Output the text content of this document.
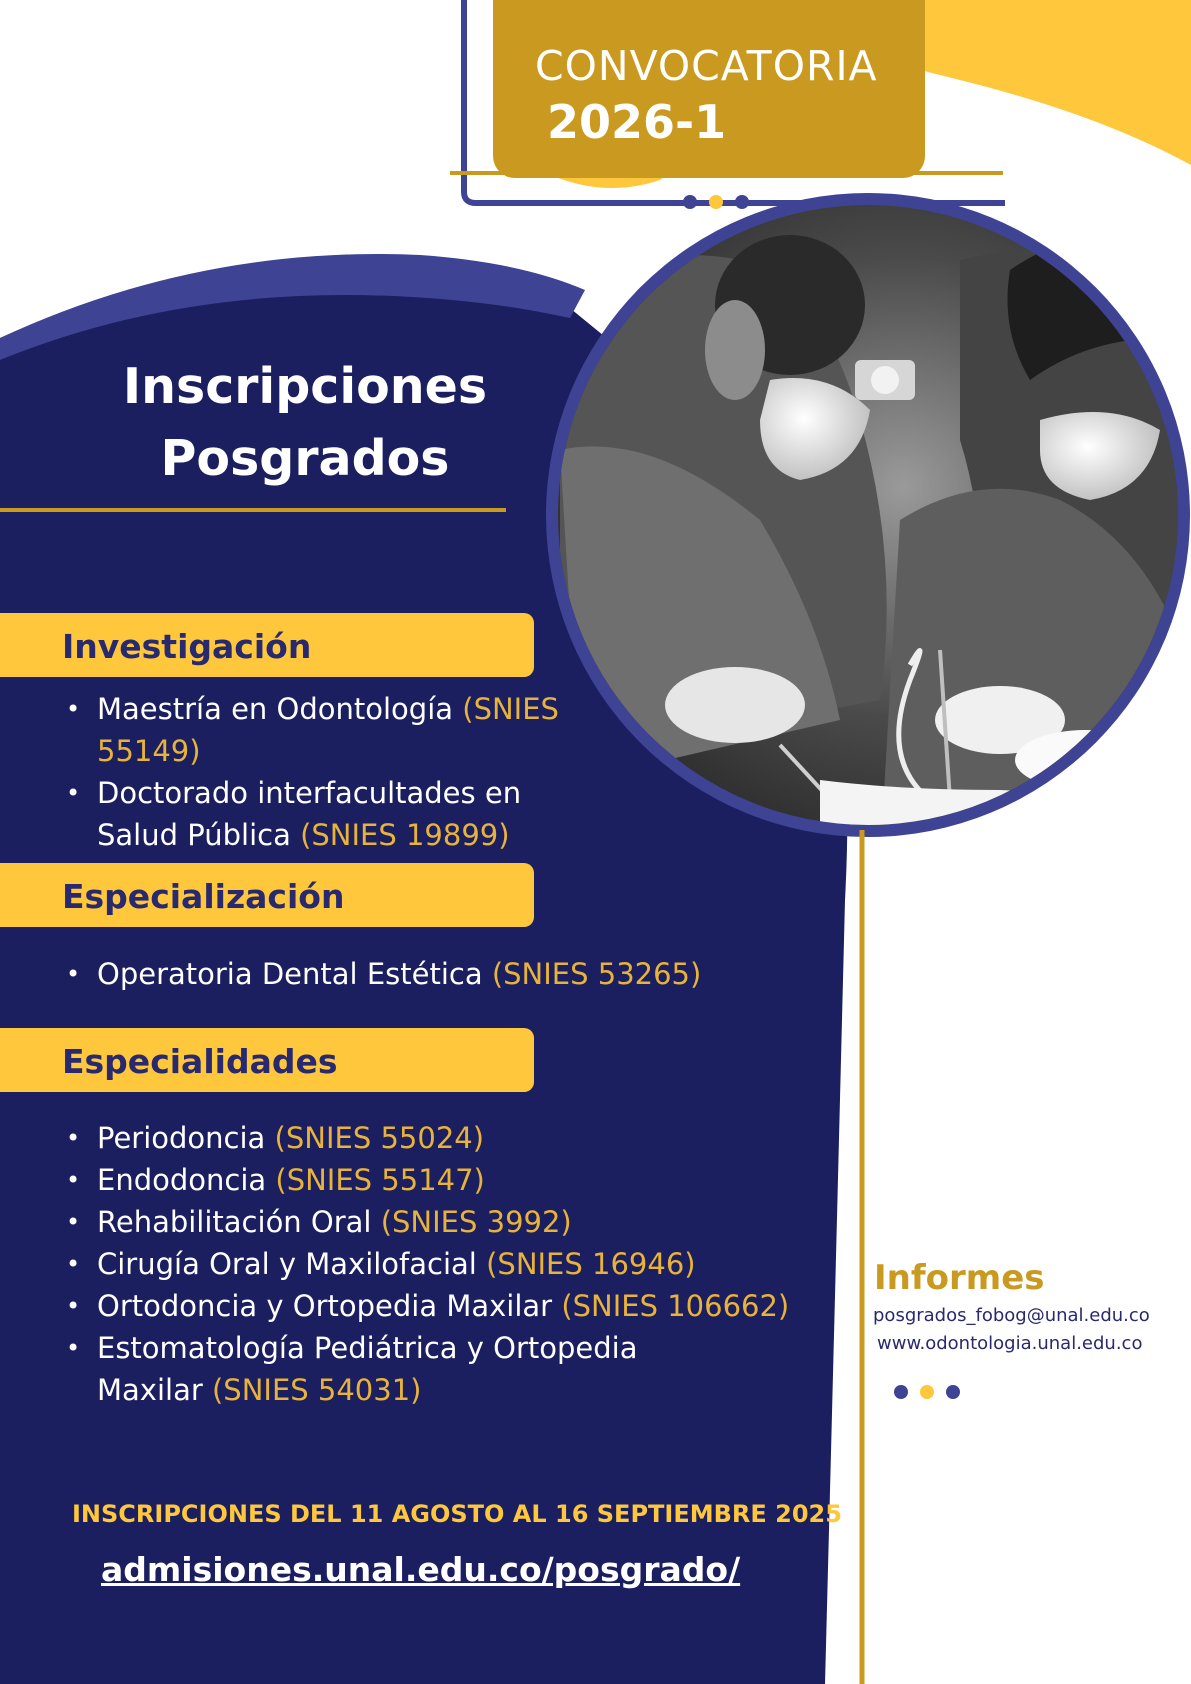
CONVOCATORIA
2026-1
Inscripciones
Posgrados
Investigación
• Maestría en Odontología (SNIES
55149)
• Doctorado interfacultades en
Salud Pública (SNIES 19899)
Especialización
• Operatoria Dental Estética (SNIES 53265)
Especialidades
• Periodoncia (SNIES 55024)
• Endodoncia (SNIES 55147)
• Rehabilitación Oral (SNIES 3992)
• Cirugía Oral y Maxilofacial (SNIES 16946)
• Ortodoncia y Ortopedia Maxilar (SNIES 106662)
• Estomatología Pediátrica y Ortopedia
Maxilar (SNIES 54031)
INSCRIPCIONES DEL 11 AGOSTO AL 16 SEPTIEMBRE 2025
admisiones.unal.edu.co/posgrado/
Informes
posgrados_fobog@unal.edu.co
www.odontologia.unal.edu.co
